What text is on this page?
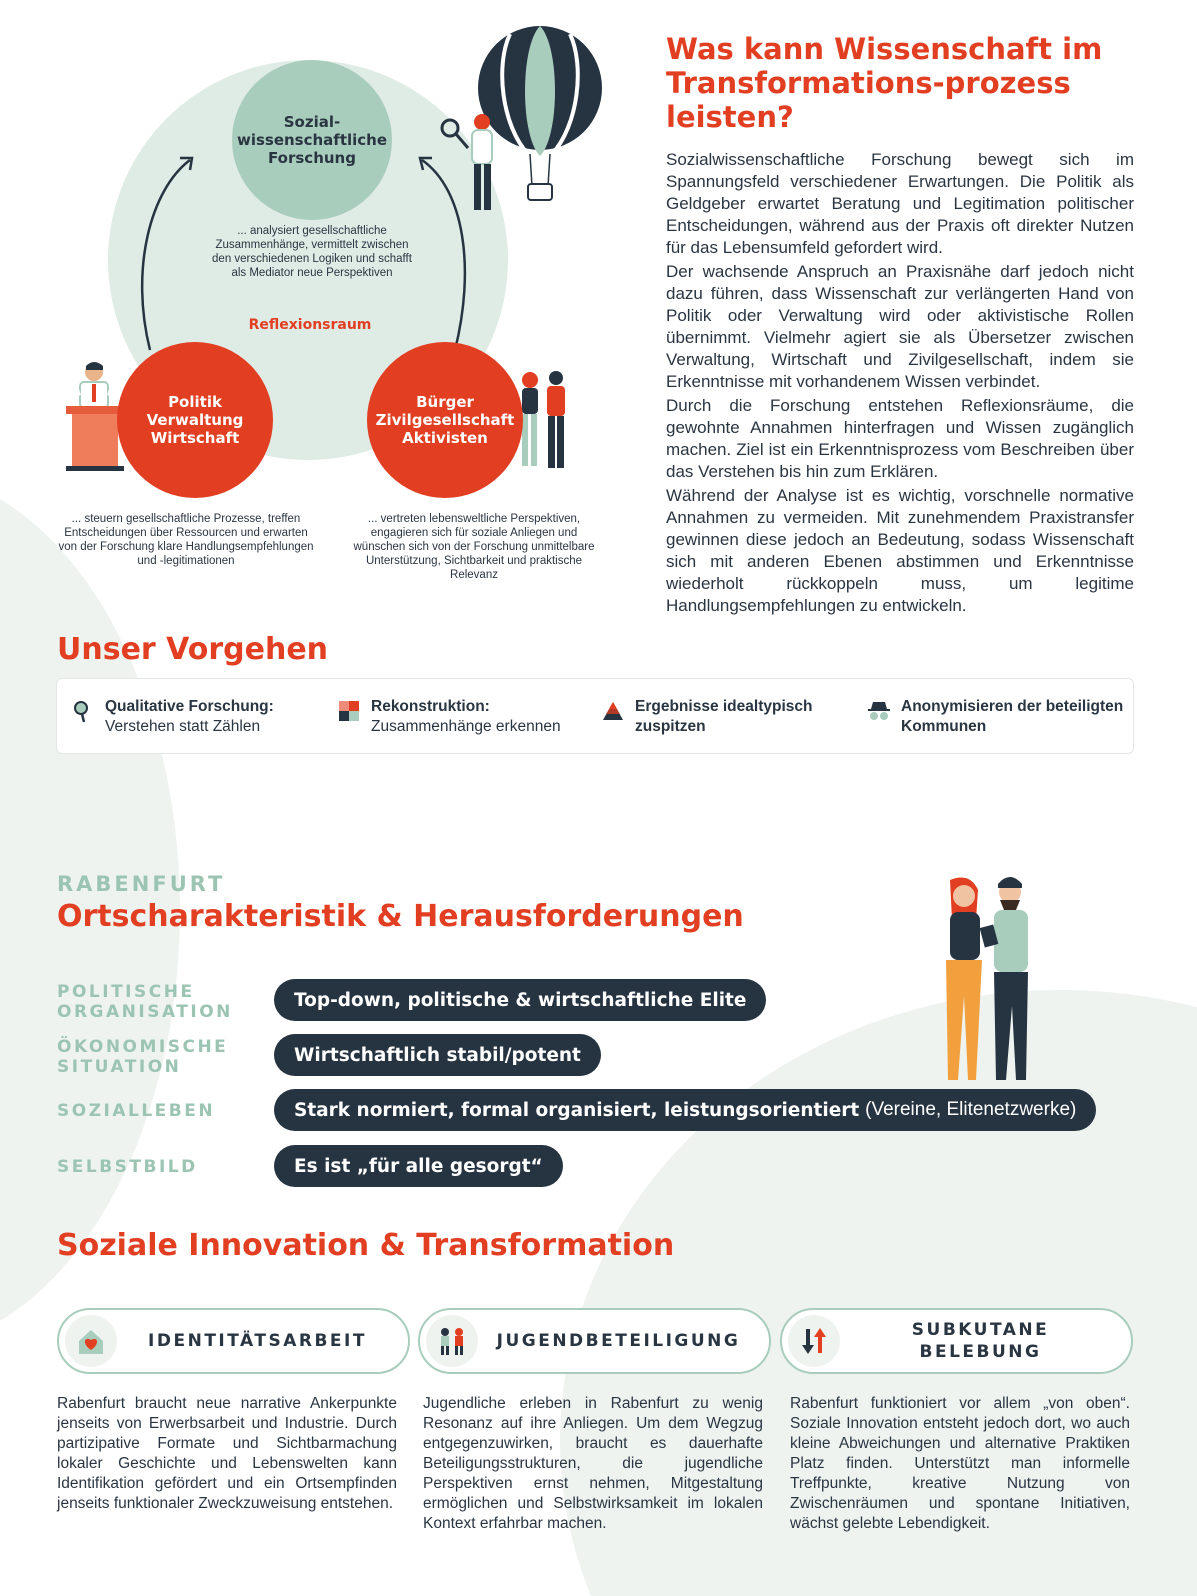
Sozial-
wissenschaftliche
Forschung
... analysiert gesellschaftliche Zusammenhänge, vermittelt zwischen den verschiedenen Logiken und schafft als Mediator neue Perspektiven
Reflexionsraum
Politik
Verwaltung
Wirtschaft
Bürger
Zivilgesellschaft
Aktivisten
... steuern gesellschaftliche Prozesse, treffen Entscheidungen über Ressourcen und erwarten von der Forschung klare Handlungsempfehlungen und -legitimationen
... vertreten lebensweltliche Perspektiven, engagieren sich für soziale Anliegen und wünschen sich von der Forschung unmittelbare Unterstützung, Sichtbarkeit und praktische Relevanz
Was kann Wissenschaft im Transformations-prozess leisten?

Sozialwissenschaftliche Forschung bewegt sich im Spannungsfeld verschiedener Erwartungen. Die Politik als Geldgeber erwartet Beratung und Legitimation politischer Entscheidungen, während aus der Praxis oft direkter Nutzen für das Lebensumfeld gefordert wird.

Der wachsende Anspruch an Praxisnähe darf jedoch nicht dazu führen, dass Wissenschaft zur verlängerten Hand von Politik oder Verwaltung wird oder aktivistische Rollen übernimmt. Vielmehr agiert sie als Übersetzer zwischen Verwaltung, Wirtschaft und Zivilgesellschaft, indem sie Erkenntnisse mit vorhandenem Wissen verbindet.

Durch die Forschung entstehen Reflexionsräume, die gewohnte Annahmen hinterfragen und Wissen zugänglich machen. Ziel ist ein Erkenntnisprozess vom Beschreiben über das Verstehen bis hin zum Erklären.

Während der Analyse ist es wichtig, vorschnelle normative Annahmen zu vermeiden. Mit zunehmendem Praxistransfer gewinnen diese jedoch an Bedeutung, sodass Wissenschaft sich mit anderen Ebenen abstimmen und Erkenntnisse wiederholt rückkoppeln muss, um legitime Handlungsempfehlungen zu entwickeln.

Unser Vorgehen
Qualitative Forschung:
Verstehen statt Zählen
Rekonstruktion: Zusammenhänge erkennen
Ergebnisse idealtypisch zuspitzen
Anonymisieren der beteiligten Kommunen
RABENFURT
Ortscharakteristik & Herausforderungen
POLITISCHE
ORGANISATION
Top-down, politische & wirtschaftliche Elite
ÖKONOMISCHE
SITUATION
Wirtschaftlich stabil/potent
SOZIALLEBEN	Stark normiert, formal organisiert, leistungsorientiert
(Vereine, Elitenetzwerke)
SELBSTBILD	Es ist „für alle gesorgt“
Soziale Innovation & Transformation
IDENTITÄTSARBEIT
Rabenfurt braucht neue narrative Ankerpunkte jenseits von Erwerbsarbeit und Industrie. Durch partizipative Formate und Sichtbarmachung lokaler Geschichte und Lebenswelten kann Identifikation gefördert und ein Ortsempfinden jenseits funktionaler Zweckzuweisung entstehen.
JUGENDBETEILIGUNG
Jugendliche erleben in Rabenfurt zu wenig Resonanz auf ihre Anliegen. Um dem Wegzug entgegenzuwirken, braucht es dauerhafte Beteiligungsstrukturen, die jugendliche Perspektiven ernst nehmen, Mitgestaltung ermöglichen und Selbstwirksamkeit im lokalen Kontext erfahrbar machen.
SUBKUTANE
BELEBUNG
Rabenfurt funktioniert vor allem „von oben“. Soziale Innovation entsteht jedoch dort, wo auch kleine Abweichungen und alternative Praktiken Platz finden. Unterstützt man informelle Treffpunkte, kreative Nutzung von Zwischenräumen und spontane Initiativen, wächst gelebte Lebendigkeit.
